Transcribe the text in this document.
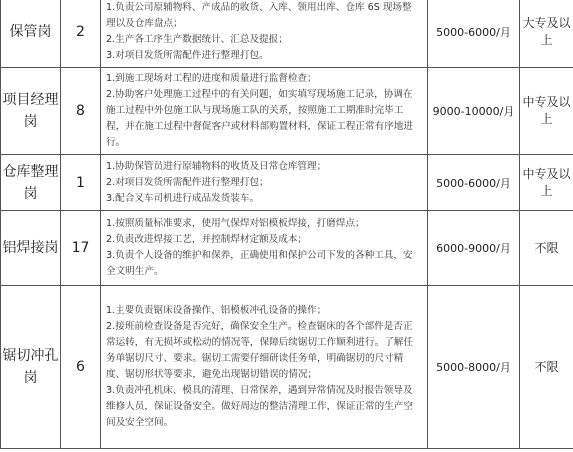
保管岗	2	1.负责公司原辅物料、产成品的收货、入库、领用出库、仓库 6S 现场整理以及仓库盘点；
2.生产各工序生产数据统计、汇总及提报；
3.对项目发货所需配件进行整理打包。	5000-6000/月	大专及以上
项目经理岗	8	1.到施工现场对工程的进度和质量进行监督检查；
2.协助客户处理施工过程中的有关问题，如实填写现场施工记录，协调在施工过程中外包施工队与现场施工队的关系，按照施工工期准时完毕工程，并在施工过程中督促客户或材料部购置材料，保证工程正常有序地进行。	9000-10000/月	中专及以上
仓库整理岗	1	1.协助保管员进行原辅物料的收货及日常仓库管理；
2.对项目发货所需配件进行整理打包；
3.配合叉车司机进行成品发货装车。	5000-6000/月	中专及以上
铝焊接岗	17	1.按照质量标准要求，使用气保焊对铝模板焊接，打磨焊点；
2.负责改进焊接工艺，并控制焊材定额及成本；
3.负责个人设备的维护和保养，正确使用和保护公司下发的各种工具，安全文明生产。	6000-9000/月	不限
锯切冲孔岗	6	1.主要负责锯床设备操作、铝模板冲孔设备的操作；
2.接班前检查设备是否完好，确保安全生产。检查锯床的各个部件是否正常运转，有无损坏或松动的情况等，保障后续锯切工作顺利进行。了解任务单锯切尺寸、要求。锯切工需要仔细研读任务单，明确锯切的尺寸精度、锯切形状等要求，避免出现锯切错误的情况；
3.负责冲孔机床、模具的清理、日常保养，遇到异常情况及时报告领导及维修人员，保证设备安全。做好周边的整洁清理工作，保证正常的生产空间及安全空间。	5000-8000/月	不限
